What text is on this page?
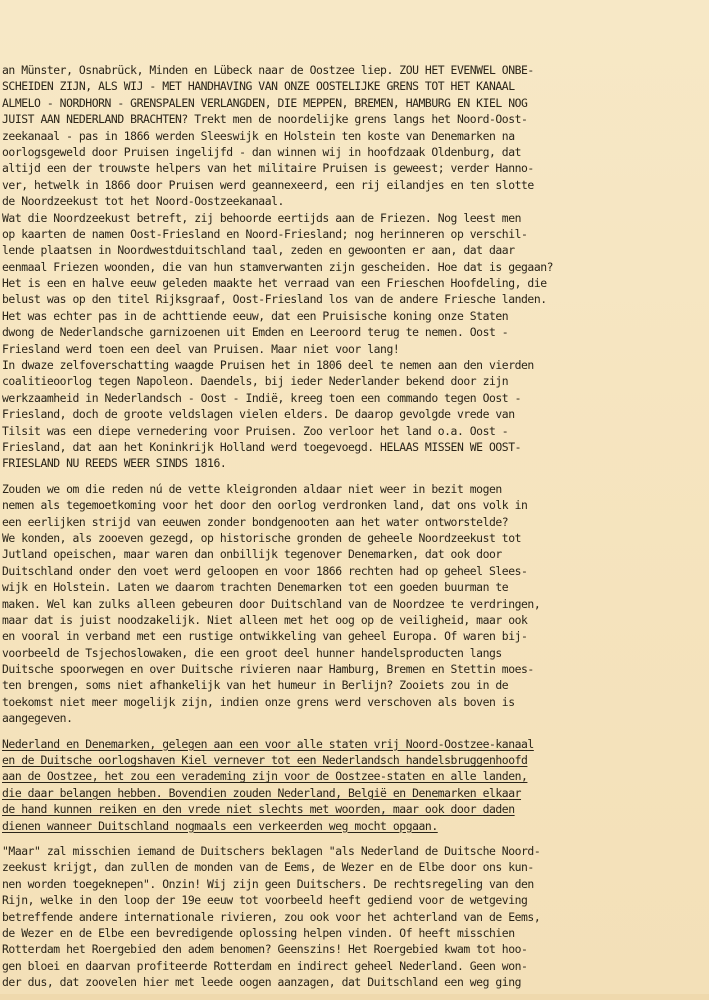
an Münster, Osnabrück, Minden en Lübeck naar de Oostzee liep. ZOU HET EVENWEL ONBE-
SCHEIDEN ZIJN, ALS WIJ - MET HANDHAVING VAN ONZE OOSTELIJKE GRENS TOT HET KANAAL
ALMELO - NORDHORN - GRENSPALEN VERLANGDEN, DIE MEPPEN, BREMEN, HAMBURG EN KIEL NOG
JUIST AAN NEDERLAND BRACHTEN? Trekt men de noordelijke grens langs het Noord-Oost-
zeekanaal - pas in 1866 werden Sleeswijk en Holstein ten koste van Denemarken na
oorlogsgeweld door Pruisen ingelijfd - dan winnen wij in hoofdzaak Oldenburg, dat
altijd een der trouwste helpers van het militaire Pruisen is geweest; verder Hanno-
ver, hetwelk in 1866 door Pruisen werd geannexeerd, een rij eilandjes en ten slotte
de Noordzeekust tot het Noord-Oostzeekanaal.
Wat die Noordzeekust betreft, zij behoorde eertijds aan de Friezen. Nog leest men
op kaarten de namen Oost-Friesland en Noord-Friesland; nog herinneren op verschil-
lende plaatsen in Noordwestduitschland taal, zeden en gewoonten er aan, dat daar
eenmaal Friezen woonden, die van hun stamverwanten zijn gescheiden. Hoe dat is gegaan?
Het is een en halve eeuw geleden maakte het verraad van een Frieschen Hoofdeling, die
belust was op den titel Rijksgraaf, Oost-Friesland los van de andere Friesche landen.
Het was echter pas in de achttiende eeuw, dat een Pruisische koning onze Staten
dwong de Nederlandsche garnizoenen uit Emden en Leeroord terug te nemen. Oost -
Friesland werd toen een deel van Pruisen. Maar niet voor lang!
In dwaze zelfoverschatting waagde Pruisen het in 1806 deel te nemen aan den vierden
coalitieoorlog tegen Napoleon. Daendels, bij ieder Nederlander bekend door zijn
werkzaamheid in Nederlandsch - Oost - Indië, kreeg toen een commando tegen Oost -
Friesland, doch de groote veldslagen vielen elders. De daarop gevolgde vrede van
Tilsit was een diepe vernedering voor Pruisen. Zoo verloor het land o.a. Oost -
Friesland, dat aan het Koninkrijk Holland werd toegevoegd. HELAAS MISSEN WE OOST-
FRIESLAND NU REEDS WEER SINDS 1816.
Zouden we om die reden nú de vette kleigronden aldaar niet weer in bezit mogen
nemen als tegemoetkoming voor het door den oorlog verdronken land, dat ons volk in
een eerlijken strijd van eeuwen zonder bondgenooten aan het water ontworstelde?
We konden, als zooeven gezegd, op historische gronden de geheele Noordzeekust tot
Jutland opeischen, maar waren dan onbillijk tegenover Denemarken, dat ook door
Duitschland onder den voet werd geloopen en voor 1866 rechten had op geheel Slees-
wijk en Holstein. Laten we daarom trachten Denemarken tot een goeden buurman te
maken. Wel kan zulks alleen gebeuren door Duitschland van de Noordzee te verdringen,
maar dat is juist noodzakelijk. Niet alleen met het oog op de veiligheid, maar ook
en vooral in verband met een rustige ontwikkeling van geheel Europa. Of waren bij-
voorbeeld de Tsjechoslowaken, die een groot deel hunner handelsproducten langs
Duitsche spoorwegen en over Duitsche rivieren naar Hamburg, Bremen en Stettin moes-
ten brengen, soms niet afhankelijk van het humeur in Berlijn? Zooiets zou in de
toekomst niet meer mogelijk zijn, indien onze grens werd verschoven als boven is
aangegeven.
Nederland en Denemarken, gelegen aan een voor alle staten vrij Noord-Oostzee-kanaal
en de Duitsche oorlogshaven Kiel vernever tot een Nederlandsch handelsbruggenhoofd
aan de Oostzee, het zou een verademing zijn voor de Oostzee-staten en alle landen,
die daar belangen hebben. Bovendien zouden Nederland, België en Denemarken elkaar
de hand kunnen reiken en den vrede niet slechts met woorden, maar ook door daden
dienen wanneer Duitschland nogmaals een verkeerden weg mocht opgaan.
"Maar" zal misschien iemand de Duitschers beklagen "als Nederland de Duitsche Noord-
zeekust krijgt, dan zullen de monden van de Eems, de Wezer en de Elbe door ons kun-
nen worden toegeknepen". Onzin! Wij zijn geen Duitschers. De rechtsregeling van den
Rijn, welke in den loop der 19e eeuw tot voorbeeld heeft gediend voor de wetgeving
betreffende andere internationale rivieren, zou ook voor het achterland van de Eems,
de Wezer en de Elbe een bevredigende oplossing helpen vinden. Of heeft misschien
Rotterdam het Roergebied den adem benomen? Geenszins! Het Roergebied kwam tot hoo-
gen bloei en daarvan profiteerde Rotterdam en indirect geheel Nederland. Geen won-
der dus, dat zoovelen hier met leede oogen aanzagen, dat Duitschland een weg ging
